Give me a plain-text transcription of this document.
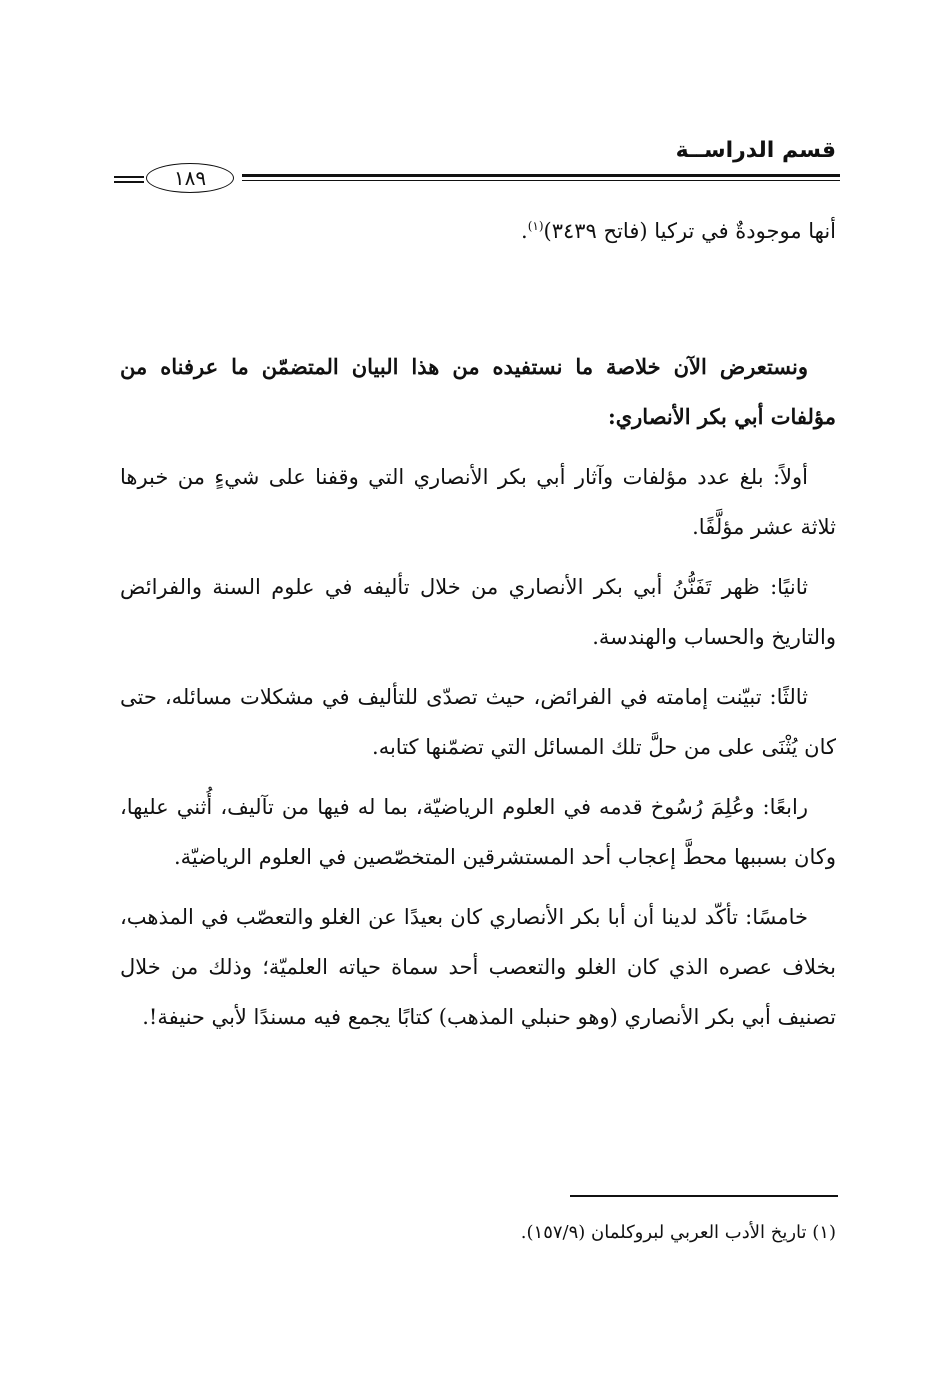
قسم الدراســة
١٨٩

أنها موجودةٌ في تركيا (فاتح ٣٤٣٩)$^{(١)}$.

ونستعرض الآن خلاصة ما نستفيده من هذا البيان المتضمّن ما عرفناه من مؤلفات أبي بكر الأنصاري:

أولاً: بلغ عدد مؤلفات وآثار أبي بكر الأنصاري التي وقفنا على شيءٍ من خبرها ثلاثة عشر مؤلَّفًا.

ثانيًا: ظهر تَفَنُّنُ أبي بكر الأنصاري من خلال تأليفه في علوم السنة والفرائض والتاريخ والحساب والهندسة.

ثالثًا: تبيّنت إمامته في الفرائض، حيث تصدّى للتأليف في مشكلات مسائله، حتى كان يُثْنَى على من حلَّ تلك المسائل التي تضمّنها كتابه.

رابعًا: وعُلِمَ رُسُوخ قدمه في العلوم الرياضيّة، بما له فيها من تآليف، أُثني عليها، وكان بسببها محطَّ إعجاب أحد المستشرقين المتخصّصين في العلوم الرياضيّة.

خامسًا: تأكّد لدينا أن أبا بكر الأنصاري كان بعيدًا عن الغلو والتعصّب في المذهب، بخلاف عصره الذي كان الغلو والتعصب أحد سماة حياته العلميّة؛ وذلك من خلال تصنيف أبي بكر الأنصاري (وهو حنبلي المذهب) كتابًا يجمع فيه مسندًا لأبي حنيفة!.

(١) تاريخ الأدب العربي لبروكلمان (١٥٧/٩).
